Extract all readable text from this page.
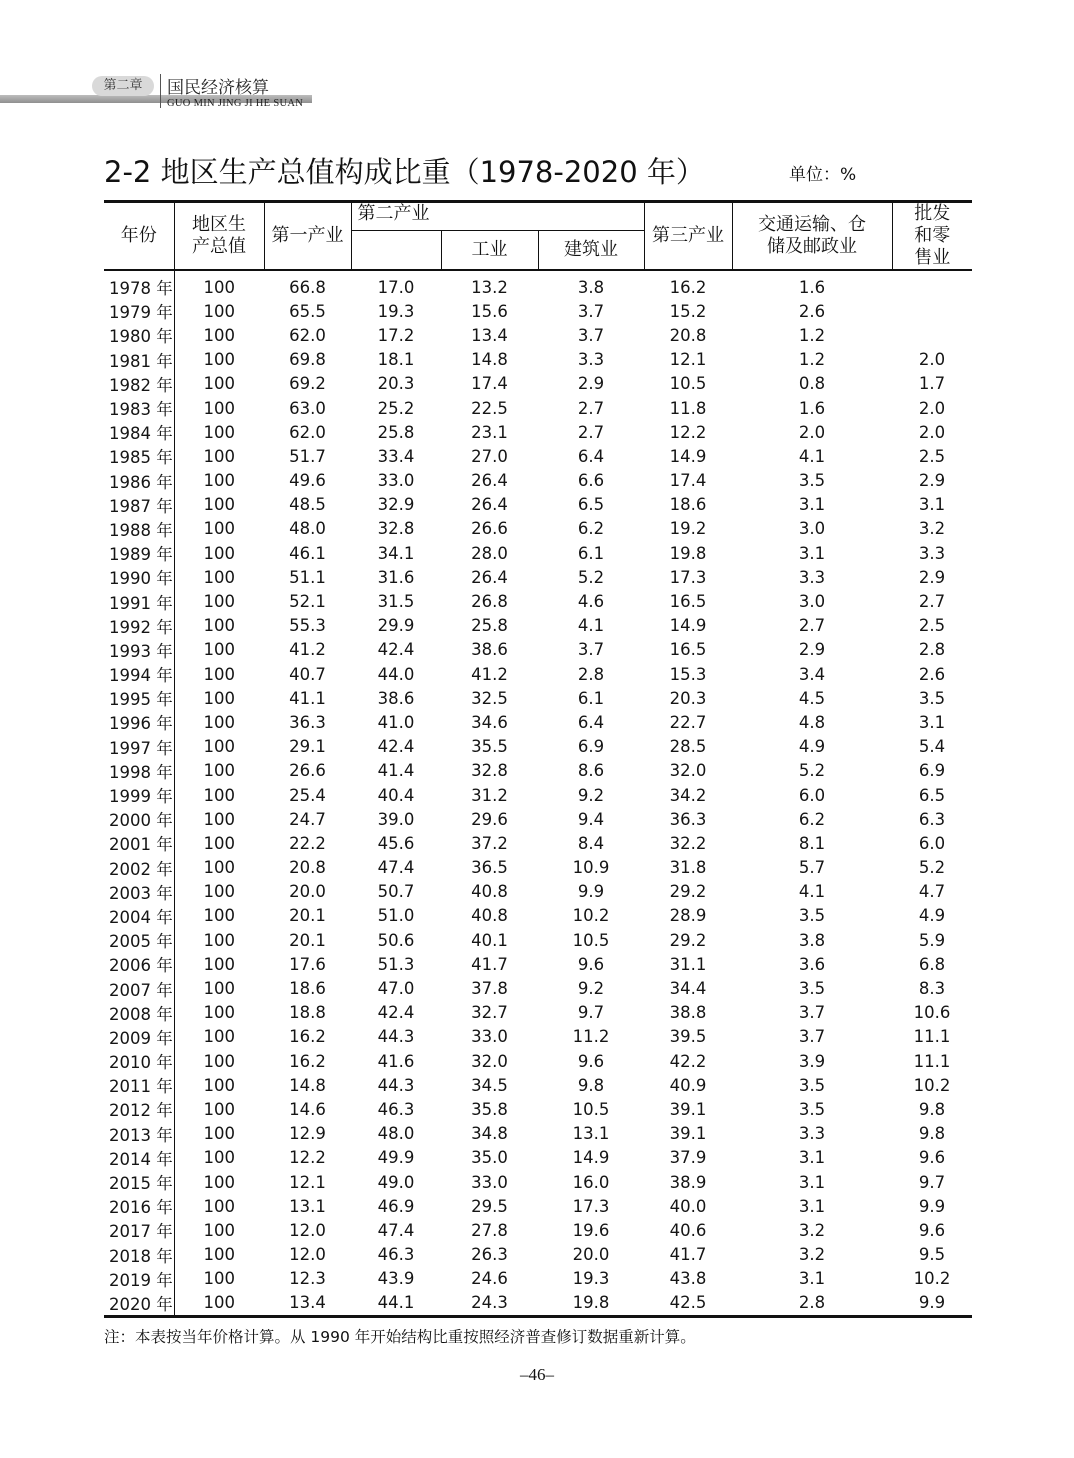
第二章	国民经济核算
GUO MIN JING JI HE SUAN
2-2 地区生产总值构成比重（1978-2020 年）	单位：%
年份	地区生产总值	第一产业	第二产业			第三产业	交通运输、仓储及邮政业	批发和零售业
				工业	建筑业			
1978 年	100	66.8	17.0	13.2	3.8	16.2	1.6	
1979 年	100	65.5	19.3	15.6	3.7	15.2	2.6	
1980 年	100	62.0	17.2	13.4	3.7	20.8	1.2	
1981 年	100	69.8	18.1	14.8	3.3	12.1	1.2	2.0
1982 年	100	69.2	20.3	17.4	2.9	10.5	0.8	1.7
1983 年	100	63.0	25.2	22.5	2.7	11.8	1.6	2.0
1984 年	100	62.0	25.8	23.1	2.7	12.2	2.0	2.0
1985 年	100	51.7	33.4	27.0	6.4	14.9	4.1	2.5
1986 年	100	49.6	33.0	26.4	6.6	17.4	3.5	2.9
1987 年	100	48.5	32.9	26.4	6.5	18.6	3.1	3.1
1988 年	100	48.0	32.8	26.6	6.2	19.2	3.0	3.2
1989 年	100	46.1	34.1	28.0	6.1	19.8	3.1	3.3
1990 年	100	51.1	31.6	26.4	5.2	17.3	3.3	2.9
1991 年	100	52.1	31.5	26.8	4.6	16.5	3.0	2.7
1992 年	100	55.3	29.9	25.8	4.1	14.9	2.7	2.5
1993 年	100	41.2	42.4	38.6	3.7	16.5	2.9	2.8
1994 年	100	40.7	44.0	41.2	2.8	15.3	3.4	2.6
1995 年	100	41.1	38.6	32.5	6.1	20.3	4.5	3.5
1996 年	100	36.3	41.0	34.6	6.4	22.7	4.8	3.1
1997 年	100	29.1	42.4	35.5	6.9	28.5	4.9	5.4
1998 年	100	26.6	41.4	32.8	8.6	32.0	5.2	6.9
1999 年	100	25.4	40.4	31.2	9.2	34.2	6.0	6.5
2000 年	100	24.7	39.0	29.6	9.4	36.3	6.2	6.3
2001 年	100	22.2	45.6	37.2	8.4	32.2	8.1	6.0
2002 年	100	20.8	47.4	36.5	10.9	31.8	5.7	5.2
2003 年	100	20.0	50.7	40.8	9.9	29.2	4.1	4.7
2004 年	100	20.1	51.0	40.8	10.2	28.9	3.5	4.9
2005 年	100	20.1	50.6	40.1	10.5	29.2	3.8	5.9
2006 年	100	17.6	51.3	41.7	9.6	31.1	3.6	6.8
2007 年	100	18.6	47.0	37.8	9.2	34.4	3.5	8.3
2008 年	100	18.8	42.4	32.7	9.7	38.8	3.7	10.6
2009 年	100	16.2	44.3	33.0	11.2	39.5	3.7	11.1
2010 年	100	16.2	41.6	32.0	9.6	42.2	3.9	11.1
2011 年	100	14.8	44.3	34.5	9.8	40.9	3.5	10.2
2012 年	100	14.6	46.3	35.8	10.5	39.1	3.5	9.8
2013 年	100	12.9	48.0	34.8	13.1	39.1	3.3	9.8
2014 年	100	12.2	49.9	35.0	14.9	37.9	3.1	9.6
2015 年	100	12.1	49.0	33.0	16.0	38.9	3.1	9.7
2016 年	100	13.1	46.9	29.5	17.3	40.0	3.1	9.9
2017 年	100	12.0	47.4	27.8	19.6	40.6	3.2	9.6
2018 年	100	12.0	46.3	26.3	20.0	41.7	3.2	9.5
2019 年	100	12.3	43.9	24.6	19.3	43.8	3.1	10.2
2020 年	100	13.4	44.1	24.3	19.8	42.5	2.8	9.9
注：本表按当年价格计算。从 1990 年开始结构比重按照经济普查修订数据重新计算。
–46–
